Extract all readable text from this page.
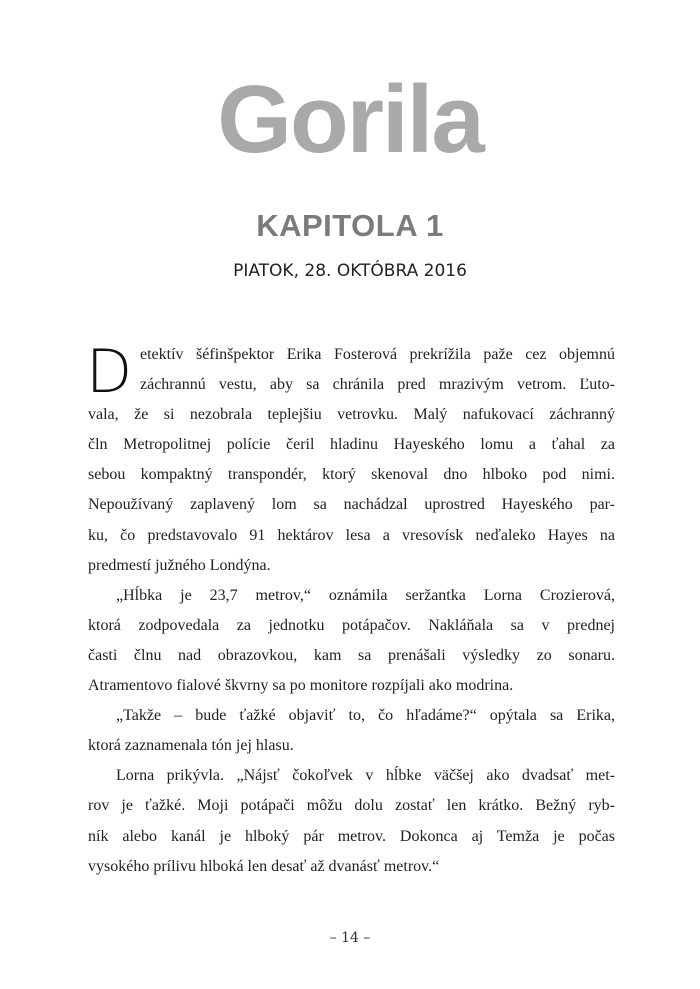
Gorila
KAPITOLA 1
PIATOK, 28. OKTÓBRA 2016
D etektív šéfinšpektor Erika Fosterová prekrížila paže cez objemnú
záchrannú vestu, aby sa chránila pred mrazivým vetrom. Ľuto-
vala, že si nezobrala teplejšiu vetrovku. Malý nafukovací záchranný
čln Metropolitnej polície čeril hladinu Hayeského lomu a ťahal za
sebou kompaktný transpondér, ktorý skenoval dno hlboko pod nimi.
Nepoužívaný zaplavený lom sa nachádzal uprostred Hayeského par-
ku, čo predstavovalo 91 hektárov lesa a vresovísk neďaleko Hayes na
predmestí južného Londýna.
„Hĺbka je 23,7 metrov,“ oznámila seržantka Lorna Crozierová,
ktorá zodpovedala za jednotku potápačov. Nakláňala sa v prednej
časti člnu nad obrazovkou, kam sa prenášali výsledky zo sonaru.
Atramentovo fialové škvrny sa po monitore rozpíjali ako modrina.
„Takže – bude ťažké objaviť to, čo hľadáme?“ opýtala sa Erika,
ktorá zaznamenala tón jej hlasu.
Lorna prikývla. „Nájsť čokoľvek v hĺbke väčšej ako dvadsať met-
rov je ťažké. Moji potápači môžu dolu zostať len krátko. Bežný ryb-
ník alebo kanál je hlboký pár metrov. Dokonca aj Temža je počas
vysokého prílivu hlboká len desať až dvanásť metrov.“
– 14 –
